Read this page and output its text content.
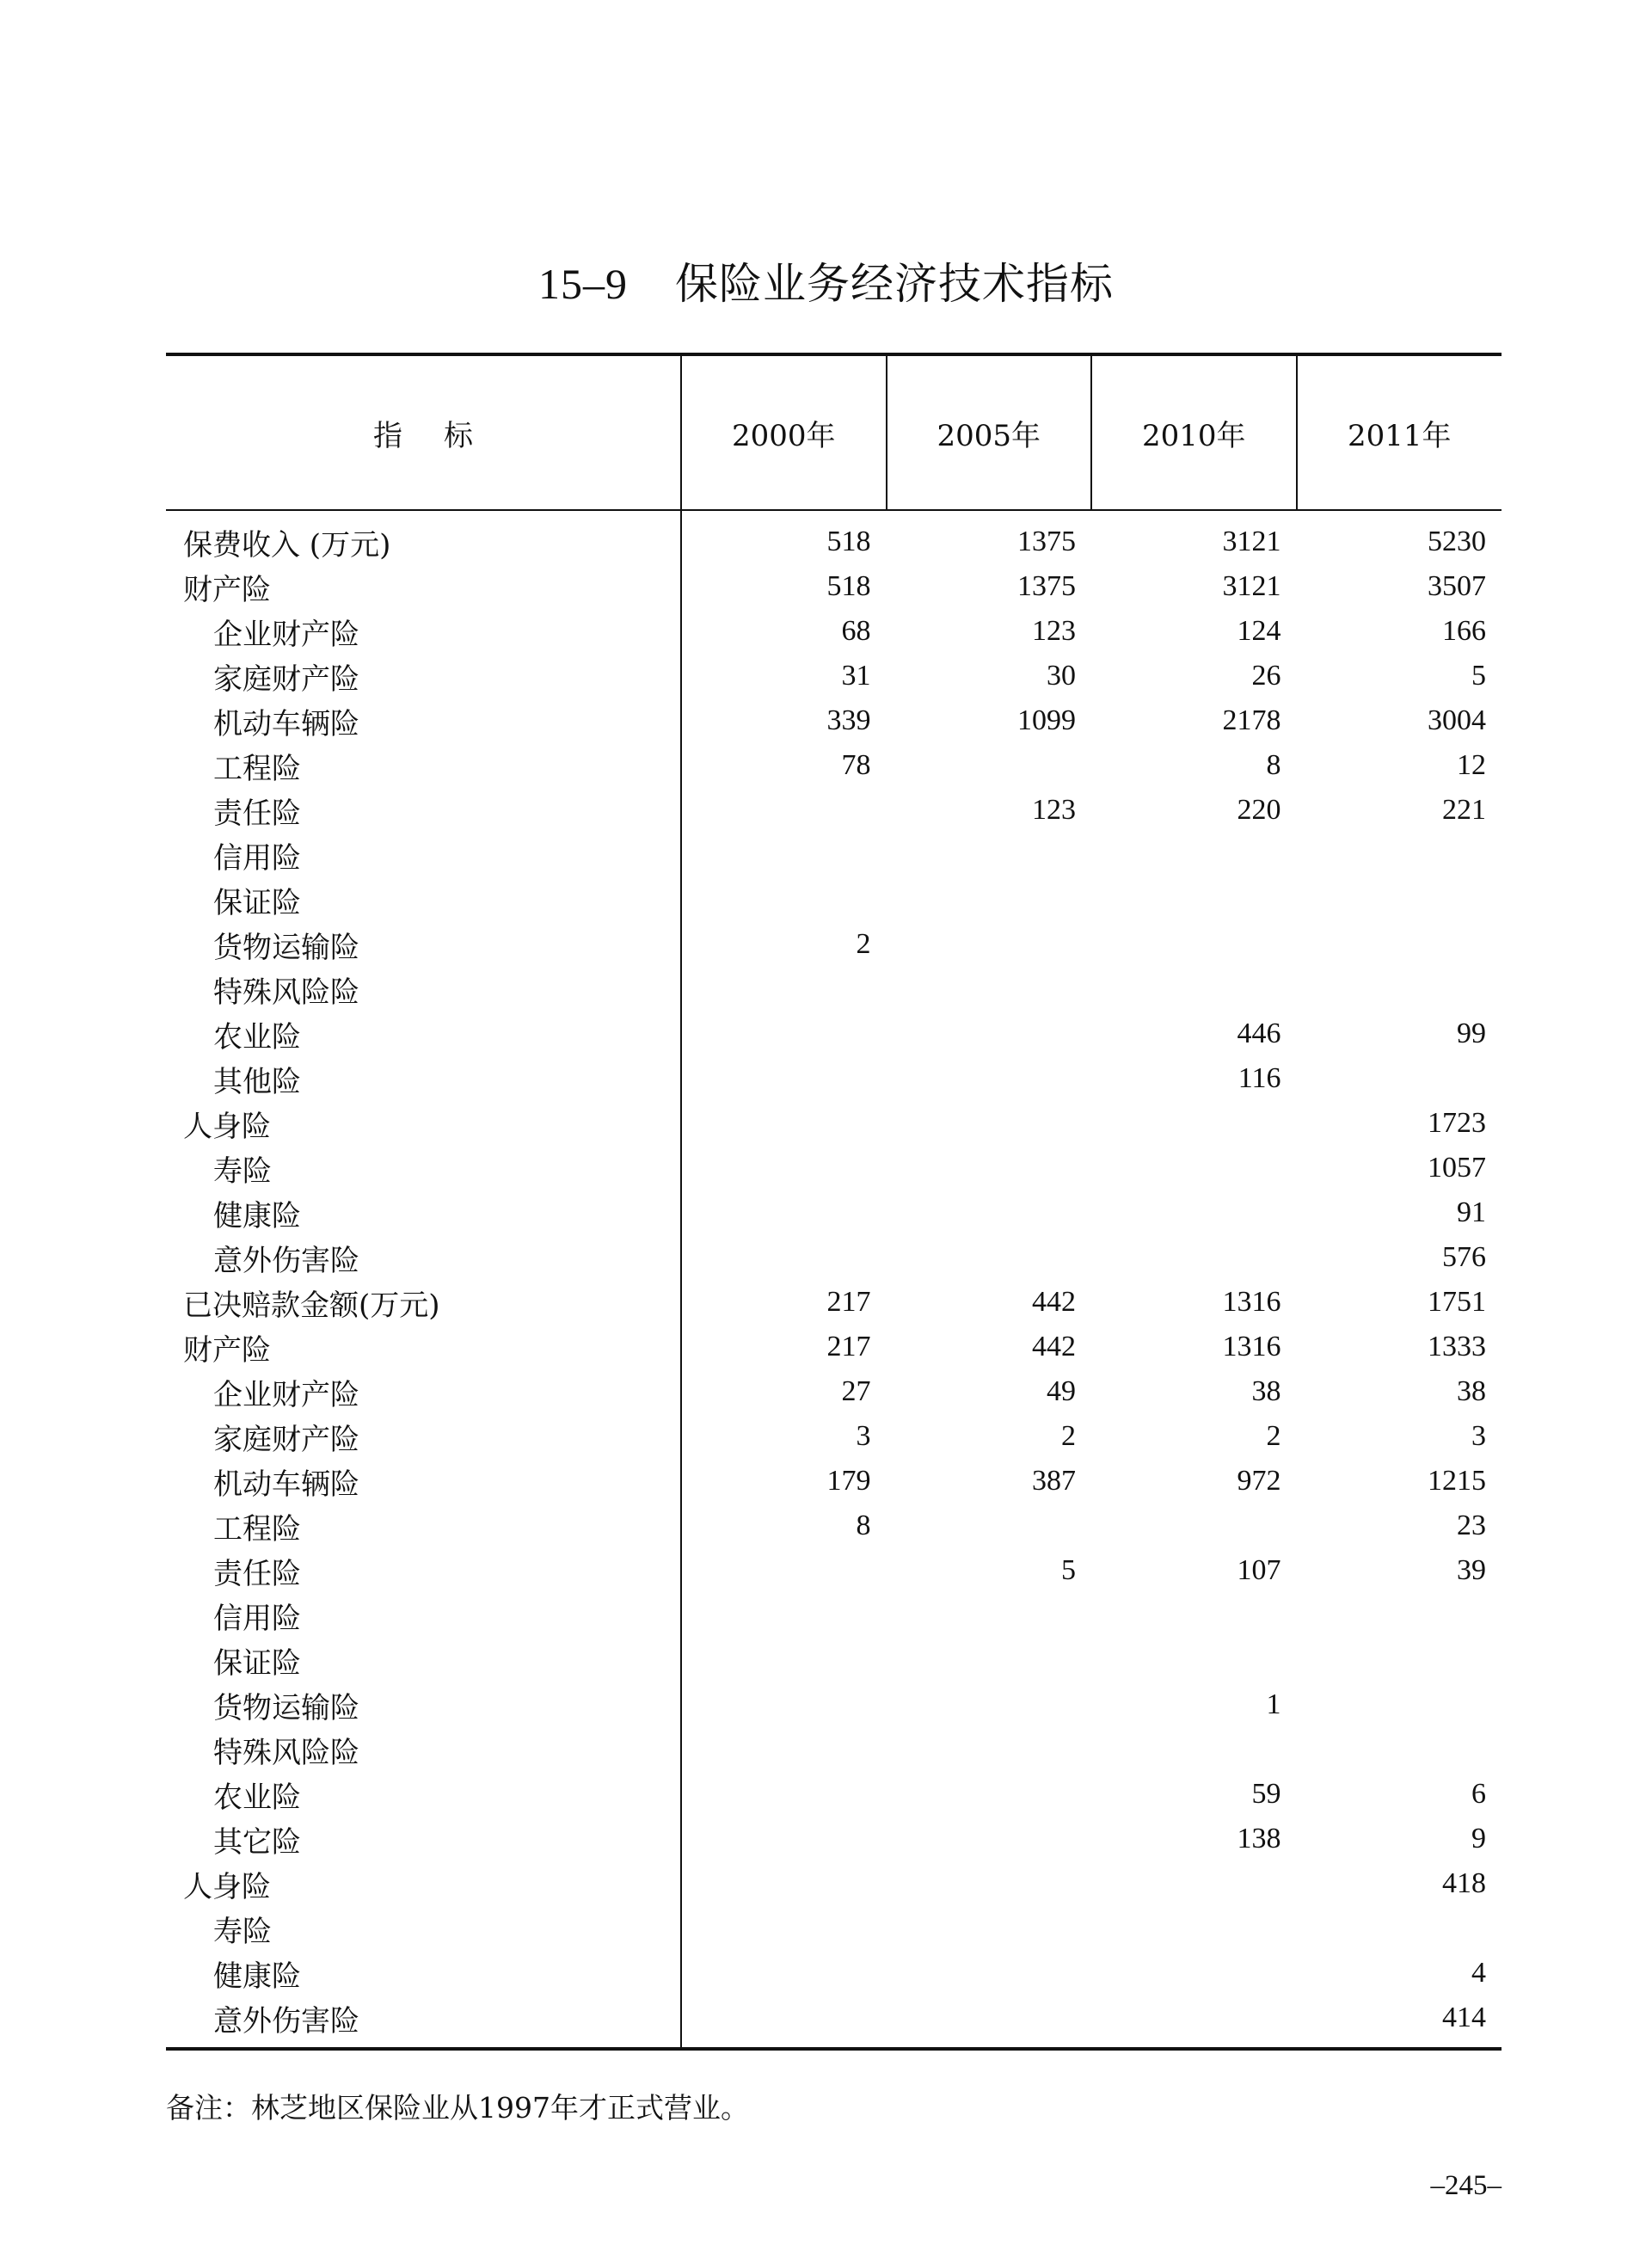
15–9 保险业务经济技术指标
指标	2000年	2005年	2010年	2011年
保费收入 (万元)	518	1375	3121	5230
财产险	518	1375	3121	3507
企业财产险	68	123	124	166
家庭财产险	31	30	26	5
机动车辆险	339	1099	2178	3004
工程险	78		8	12
责任险		123	220	221
信用险				
保证险				
货物运输险	2			
特殊风险险				
农业险			446	99
其他险			116	
人身险				1723
寿险				1057
健康险				91
意外伤害险				576
已决赔款金额(万元)	217	442	1316	1751
财产险	217	442	1316	1333
企业财产险	27	49	38	38
家庭财产险	3	2	2	3
机动车辆险	179	387	972	1215
工程险	8			23
责任险		5	107	39
信用险				
保证险				
货物运输险			1	
特殊风险险				
农业险			59	6
其它险			138	9
人身险				418
寿险				
健康险				4
意外伤害险				414
备注：林芝地区保险业从1997年才正式营业。
–245–
